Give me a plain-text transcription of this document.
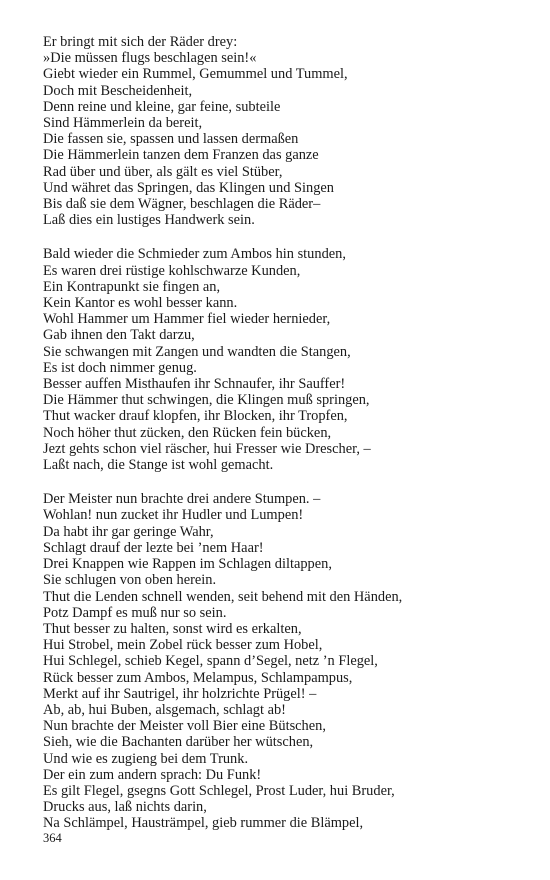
Er bringt mit sich der Räder drey:
»Die müssen flugs beschlagen sein!«
Giebt wieder ein Rummel, Gemummel und Tummel,
Doch mit Bescheidenheit,
Denn reine und kleine, gar feine, subteile
Sind Hämmerlein da bereit,
Die fassen sie, spassen und lassen dermaßen
Die Hämmerlein tanzen dem Franzen das ganze
Rad über und über, als gält es viel Stüber,
Und währet das Springen, das Klingen und Singen
Bis daß sie dem Wägner, beschlagen die Räder–
Laß dies ein lustiges Handwerk sein.
Bald wieder die Schmieder zum Ambos hin stunden,
Es waren drei rüstige kohlschwarze Kunden,
Ein Kontrapunkt sie fingen an,
Kein Kantor es wohl besser kann.
Wohl Hammer um Hammer fiel wieder hernieder,
Gab ihnen den Takt darzu,
Sie schwangen mit Zangen und wandten die Stangen,
Es ist doch nimmer genug.
Besser auffen Misthaufen ihr Schnaufer, ihr Sauffer!
Die Hämmer thut schwingen, die Klingen muß springen,
Thut wacker drauf klopfen, ihr Blocken, ihr Tropfen,
Noch höher thut zücken, den Rücken fein bücken,
Jezt gehts schon viel räscher, hui Fresser wie Drescher, –
Laßt nach, die Stange ist wohl gemacht.
Der Meister nun brachte drei andere Stumpen. –
Wohlan! nun zucket ihr Hudler und Lumpen!
Da habt ihr gar geringe Wahr,
Schlagt drauf der lezte bei ’nem Haar!
Drei Knappen wie Rappen im Schlagen diltappen,
Sie schlugen von oben herein.
Thut die Lenden schnell wenden, seit behend mit den Händen,
Potz Dampf es muß nur so sein.
Thut besser zu halten, sonst wird es erkalten,
Hui Strobel, mein Zobel rück besser zum Hobel,
Hui Schlegel, schieb Kegel, spann d’Segel, netz ’n Flegel,
Rück besser zum Ambos, Melampus, Schlampampus,
Merkt auf ihr Sautrigel, ihr holzrichte Prügel! –
Ab, ab, hui Buben, alsgemach, schlagt ab!
Nun brachte der Meister voll Bier eine Bütschen,
Sieh, wie die Bachanten darüber her wütschen,
Und wie es zugieng bei dem Trunk.
Der ein zum andern sprach: Du Funk!
Es gilt Flegel, gsegns Gott Schlegel, Prost Luder, hui Bruder,
Drucks aus, laß nichts darin,
Na Schlämpel, Hausträmpel, gieb rummer die Blämpel,
364
